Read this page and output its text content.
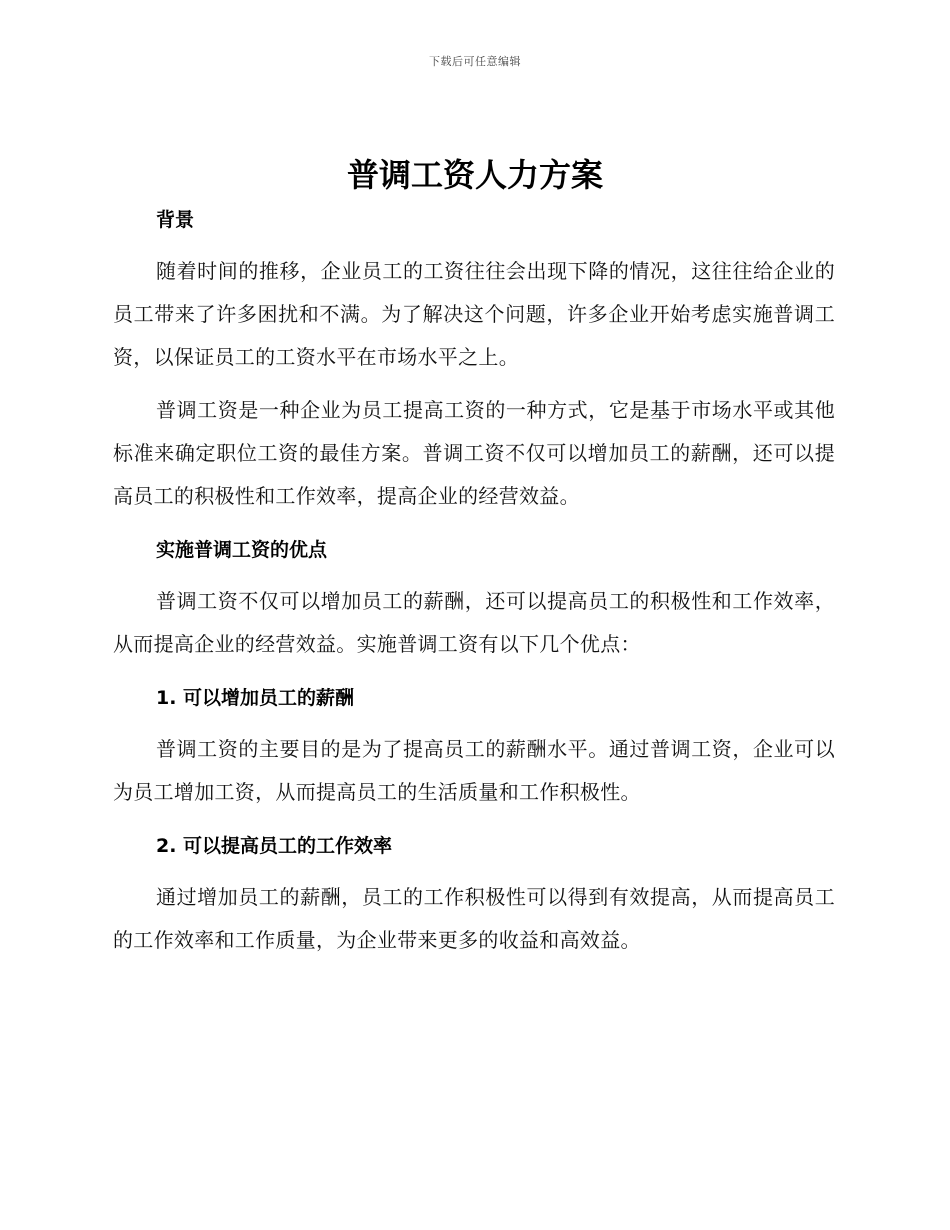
下载后可任意编辑
普调工资人力方案
背景

随着时间的推移，企业员工的工资往往会出现下降的情况，这往往给企业的员工带来了许多困扰和不满。为了解决这个问题，许多企业开始考虑实施普调工资，以保证员工的工资水平在市场水平之上。

普调工资是一种企业为员工提高工资的一种方式，它是基于市场水平或其他标准来确定职位工资的最佳方案。普调工资不仅可以增加员工的薪酬，还可以提高员工的积极性和工作效率，提高企业的经营效益。

实施普调工资的优点

普调工资不仅可以增加员工的薪酬，还可以提高员工的积极性和工作效率，从而提高企业的经营效益。实施普调工资有以下几个优点：

1. 可以增加员工的薪酬

普调工资的主要目的是为了提高员工的薪酬水平。通过普调工资，企业可以为员工增加工资，从而提高员工的生活质量和工作积极性。

2. 可以提高员工的工作效率

通过增加员工的薪酬，员工的工作积极性可以得到有效提高，从而提高员工的工作效率和工作质量，为企业带来更多的收益和高效益。
